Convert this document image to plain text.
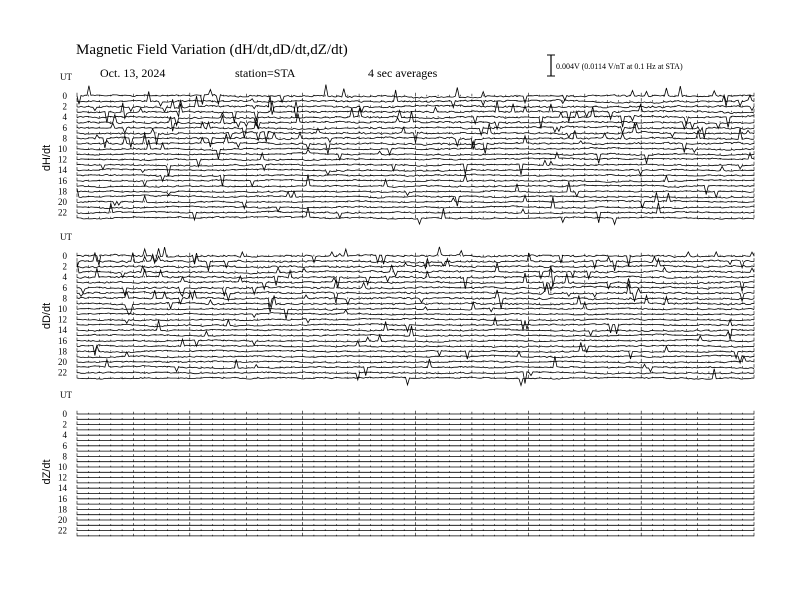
Magnetic Field Variation (dH/dt,dD/dt,dZ/dt)
Oct. 13, 2024	station=STA	4 sec averages	0.004V (0.0114 V/nT at 0.1 Hz at STA)
UT
dH/dt
0
2
4
6
8
10
12
14
16
18
20
22
UT
dD/dt
0
2
4
6
8
10
12
14
16
18
20
22
UT
dZ/dt
0
2
4
6
8
10
12
14
16
18
20
22
